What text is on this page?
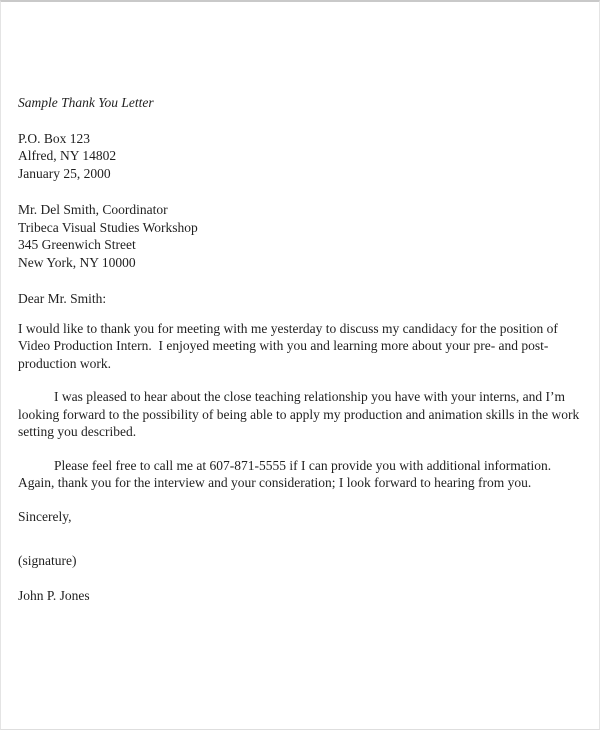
Sample Thank You Letter
P.O. Box 123
Alfred, NY 14802
January 25, 2000
Mr. Del Smith, Coordinator
Tribeca Visual Studies Workshop
345 Greenwich Street
New York, NY 10000
Dear Mr. Smith:
I would like to thank you for meeting with me yesterday to discuss my candidacy for the position of Video Production Intern.  I enjoyed meeting with you and learning more about your pre- and post-production work.
I was pleased to hear about the close teaching relationship you have with your interns, and I’m looking forward to the possibility of being able to apply my production and animation skills in the work setting you described.
Please feel free to call me at 607-871-5555 if I can provide you with additional information.  Again, thank you for the interview and your consideration; I look forward to hearing from you.
Sincerely,
(signature)
John P. Jones
